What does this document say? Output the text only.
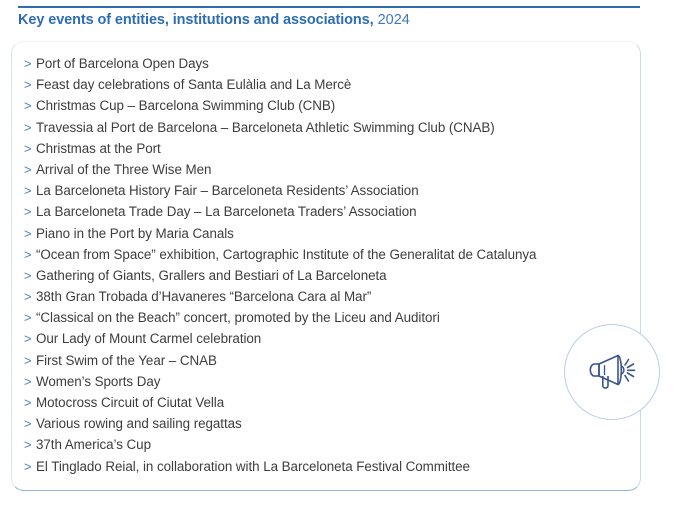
Key events of entities, institutions and associations, 2024
> Port of Barcelona Open Days
> Feast day celebrations of Santa Eulàlia and La Mercè
> Christmas Cup – Barcelona Swimming Club (CNB)
> Travessia al Port de Barcelona – Barceloneta Athletic Swimming Club (CNAB)
> Christmas at the Port
> Arrival of the Three Wise Men
> La Barceloneta History Fair – Barceloneta Residents’ Association
> La Barceloneta Trade Day – La Barceloneta Traders’ Association
> Piano in the Port by Maria Canals
> “Ocean from Space” exhibition, Cartographic Institute of the Generalitat de Catalunya
> Gathering of Giants, Grallers and Bestiari of La Barceloneta
> 38th Gran Trobada d’Havaneres “Barcelona Cara al Mar”
> “Classical on the Beach” concert, promoted by the Liceu and Auditori
> Our Lady of Mount Carmel celebration
> First Swim of the Year – CNAB
> Women’s Sports Day
> Motocross Circuit of Ciutat Vella
> Various rowing and sailing regattas
> 37th America’s Cup
> El Tinglado Reial, in collaboration with La Barceloneta Festival Committee
